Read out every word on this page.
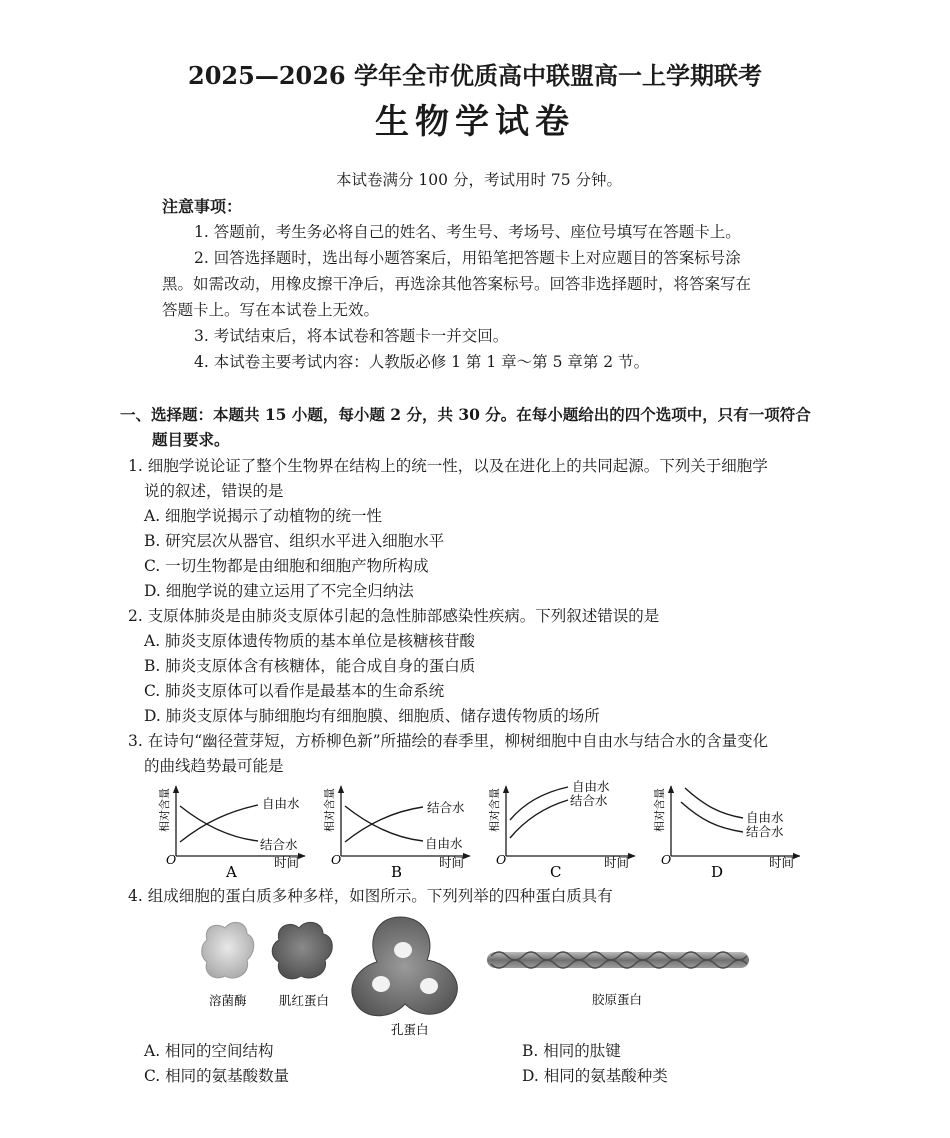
2025—2026 学年全市优质高中联盟高一上学期联考
生物学试卷
本试卷满分 100 分，考试用时 75 分钟。
注意事项：
1. 答题前，考生务必将自己的姓名、考生号、考场号、座位号填写在答题卡上。
2. 回答选择题时，选出每小题答案后，用铅笔把答题卡上对应题目的答案标号涂
黑。如需改动，用橡皮擦干净后，再选涂其他答案标号。回答非选择题时，将答案写在
答题卡上。写在本试卷上无效。
3. 考试结束后，将本试卷和答题卡一并交回。
4. 本试卷主要考试内容：人教版必修 1 第 1 章～第 5 章第 2 节。
一、选择题：本题共 15 小题，每小题 2 分，共 30 分。在每小题给出的四个选项中，只有一项符合
题目要求。
1. 细胞学说论证了整个生物界在结构上的统一性，以及在进化上的共同起源。下列关于细胞学
说的叙述，错误的是
A. 细胞学说揭示了动植物的统一性
B. 研究层次从器官、组织水平进入细胞水平
C. 一切生物都是由细胞和细胞产物所构成
D. 细胞学说的建立运用了不完全归纳法
2. 支原体肺炎是由肺炎支原体引起的急性肺部感染性疾病。下列叙述错误的是
A. 肺炎支原体遗传物质的基本单位是核糖核苷酸
B. 肺炎支原体含有核糖体，能合成自身的蛋白质
C. 肺炎支原体可以看作是最基本的生命系统
D. 肺炎支原体与肺细胞均有细胞膜、细胞质、储存遗传物质的场所
3. 在诗句“幽径萱芽短，方桥柳色新”所描绘的春季里，柳树细胞中自由水与结合水的含量变化
的曲线趋势最可能是
自由水
结合水
O	时间
A
相对含量	结合水
自由水
O	时间
B
相对含量
自由水
结合水
O	时间
C
相对含量	自由水
结合水
O	时间
D
相对含量
4. 组成细胞的蛋白质多种多样，如图所示。下列列举的四种蛋白质具有
溶菌酶	肌红蛋白
孔蛋白
胶原蛋白
A. 相同的空间结构	B. 相同的肽键
C. 相同的氨基酸数量	D. 相同的氨基酸种类
